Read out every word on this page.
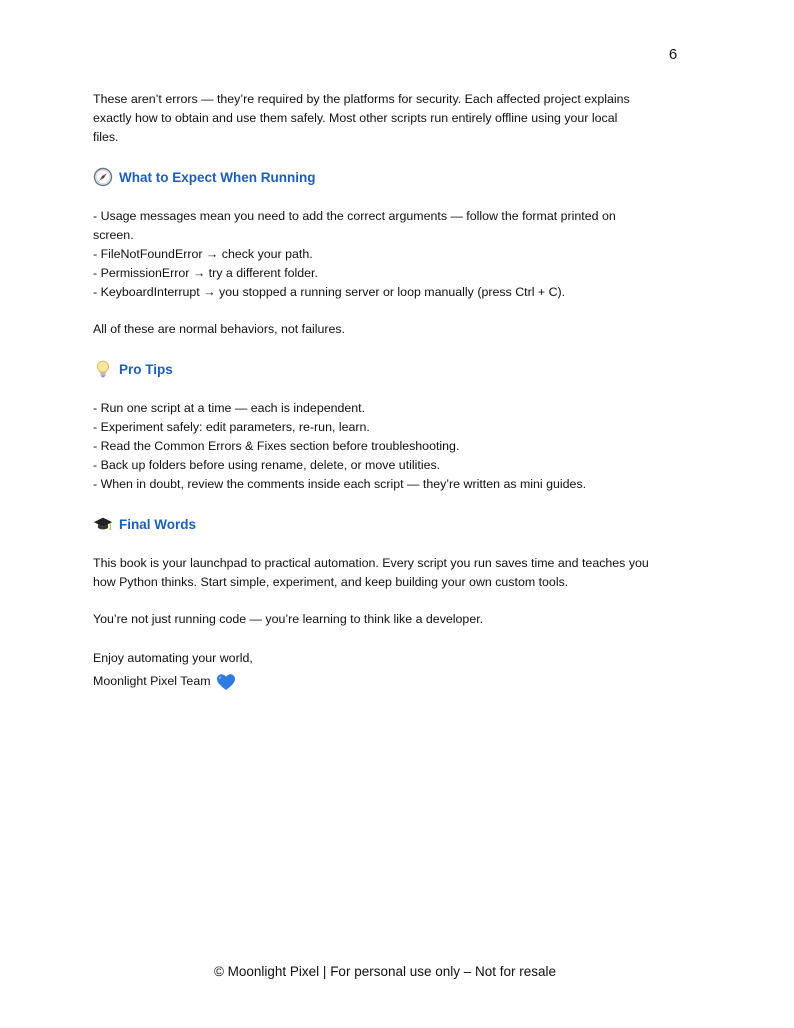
6
These aren’t errors — they’re required by the platforms for security. Each affected project explains
exactly how to obtain and use them safely. Most other scripts run entirely offline using your local
files.
What to Expect When Running
- Usage messages mean you need to add the correct arguments — follow the format printed on
screen.
- FileNotFoundError → check your path.
- PermissionError → try a different folder.
- KeyboardInterrupt → you stopped a running server or loop manually (press Ctrl + C).
All of these are normal behaviors, not failures.
Pro Tips
- Run one script at a time — each is independent.
- Experiment safely: edit parameters, re-run, learn.
- Read the Common Errors & Fixes section before troubleshooting.
- Back up folders before using rename, delete, or move utilities.
- When in doubt, review the comments inside each script — they’re written as mini guides.
Final Words
This book is your launchpad to practical automation. Every script you run saves time and teaches you
how Python thinks. Start simple, experiment, and keep building your own custom tools.
You’re not just running code — you’re learning to think like a developer.
Enjoy automating your world,
Moonlight Pixel Team
© Moonlight Pixel | For personal use only – Not for resale
